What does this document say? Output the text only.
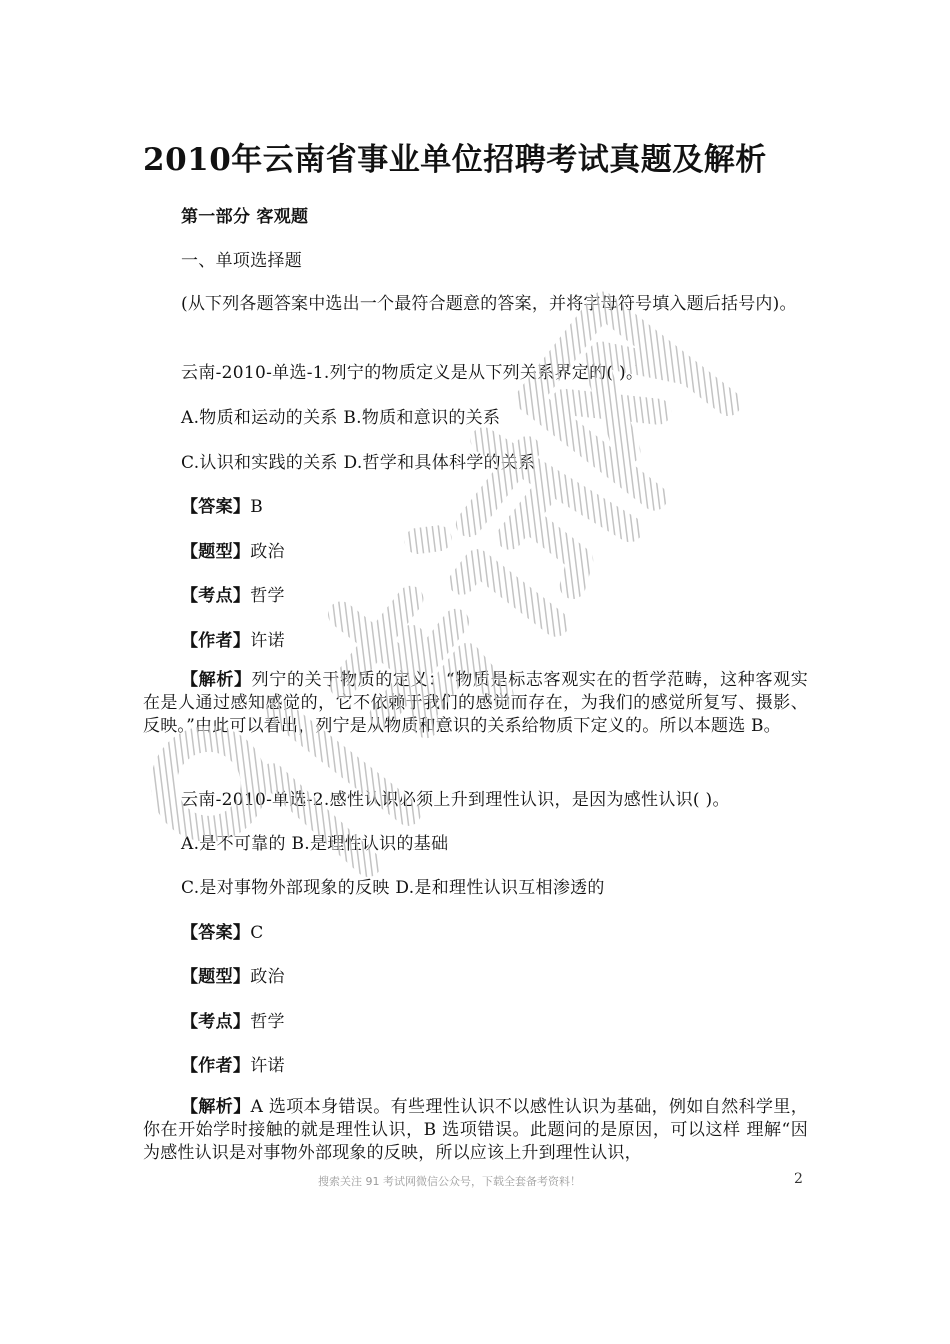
2010年云南省事业单位招聘考试真题及解析
第一部分 客观题
一、单项选择题
(从下列各题答案中选出一个最符合题意的答案，并将字母符号填入题后括号内)。
云南-2010-单选-1.列宁的物质定义是从下列关系界定的( )。
A.物质和运动的关系 B.物质和意识的关系
C.认识和实践的关系 D.哲学和具体科学的关系
【答案】B
【题型】政治
【考点】哲学
【作者】许诺
【解析】列宁的关于物质的定义：“物质是标志客观实在的哲学范畴，这种客观实在是人通过感知感觉的，它不依赖于我们的感觉而存在，为我们的感觉所复写、摄影、反映。”由此可以看出，列宁是从物质和意识的关系给物质下定义的。所以本题选 B。
云南-2010-单选-2.感性认识必须上升到理性认识，是因为感性认识( )。
A.是不可靠的 B.是理性认识的基础
C.是对事物外部现象的反映 D.是和理性认识互相渗透的
【答案】C
【题型】政治
【考点】哲学
【作者】许诺
【解析】A 选项本身错误。有些理性认识不以感性认识为基础，例如自然科学里，你在开始学时接触的就是理性认识，B 选项错误。此题问的是原因，可以这样 理解“因为感性认识是对事物外部现象的反映，所以应该上升到理性认识，
搜索关注 91 考试网微信公众号，下载全套备考资料！	2
